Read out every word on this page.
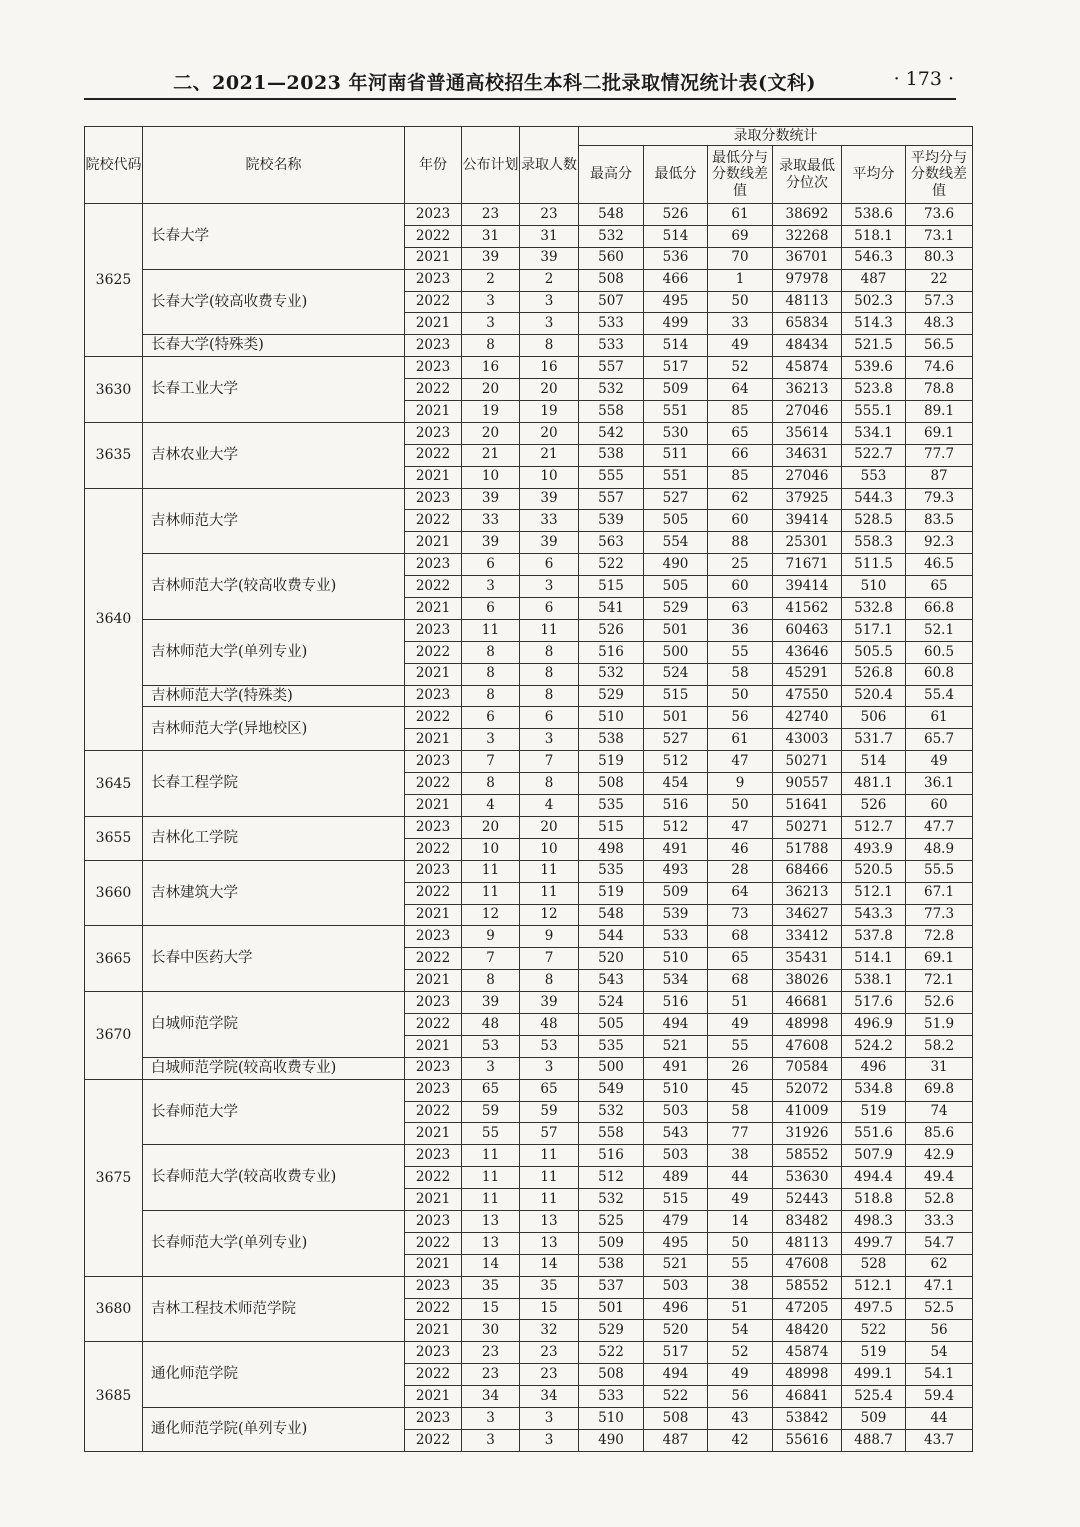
二、2021—2023 年河南省普通高校招生本科二批录取情况统计表(文科)	· 173 ·
院校代码	院校名称	年份	公布计划	录取人数	录取分数统计					
					最高分	最低分	最低分与分数线差值	录取最低分位次	平均分	平均分与分数线差值
3625	长春大学	2023	23	23	548	526	61	38692	538.6	73.6
		2022	31	31	532	514	69	32268	518.1	73.1
		2021	39	39	560	536	70	36701	546.3	80.3
	长春大学(较高收费专业)	2023	2	2	508	466	1	97978	487	22
		2022	3	3	507	495	50	48113	502.3	57.3
		2021	3	3	533	499	33	65834	514.3	48.3
	长春大学(特殊类)	2023	8	8	533	514	49	48434	521.5	56.5
3630	长春工业大学	2023	16	16	557	517	52	45874	539.6	74.6
		2022	20	20	532	509	64	36213	523.8	78.8
		2021	19	19	558	551	85	27046	555.1	89.1
3635	吉林农业大学	2023	20	20	542	530	65	35614	534.1	69.1
		2022	21	21	538	511	66	34631	522.7	77.7
		2021	10	10	555	551	85	27046	553	87
3640	吉林师范大学	2023	39	39	557	527	62	37925	544.3	79.3
		2022	33	33	539	505	60	39414	528.5	83.5
		2021	39	39	563	554	88	25301	558.3	92.3
	吉林师范大学(较高收费专业)	2023	6	6	522	490	25	71671	511.5	46.5
		2022	3	3	515	505	60	39414	510	65
		2021	6	6	541	529	63	41562	532.8	66.8
	吉林师范大学(单列专业)	2023	11	11	526	501	36	60463	517.1	52.1
		2022	8	8	516	500	55	43646	505.5	60.5
		2021	8	8	532	524	58	45291	526.8	60.8
	吉林师范大学(特殊类)	2023	8	8	529	515	50	47550	520.4	55.4
	吉林师范大学(异地校区)	2022	6	6	510	501	56	42740	506	61
		2021	3	3	538	527	61	43003	531.7	65.7
3645	长春工程学院	2023	7	7	519	512	47	50271	514	49
		2022	8	8	508	454	9	90557	481.1	36.1
		2021	4	4	535	516	50	51641	526	60
3655	吉林化工学院	2023	20	20	515	512	47	50271	512.7	47.7
		2022	10	10	498	491	46	51788	493.9	48.9
3660	吉林建筑大学	2023	11	11	535	493	28	68466	520.5	55.5
		2022	11	11	519	509	64	36213	512.1	67.1
		2021	12	12	548	539	73	34627	543.3	77.3
3665	长春中医药大学	2023	9	9	544	533	68	33412	537.8	72.8
		2022	7	7	520	510	65	35431	514.1	69.1
		2021	8	8	543	534	68	38026	538.1	72.1
3670	白城师范学院	2023	39	39	524	516	51	46681	517.6	52.6
		2022	48	48	505	494	49	48998	496.9	51.9
		2021	53	53	535	521	55	47608	524.2	58.2
	白城师范学院(较高收费专业)	2023	3	3	500	491	26	70584	496	31
3675	长春师范大学	2023	65	65	549	510	45	52072	534.8	69.8
		2022	59	59	532	503	58	41009	519	74
		2021	55	57	558	543	77	31926	551.6	85.6
	长春师范大学(较高收费专业)	2023	11	11	516	503	38	58552	507.9	42.9
		2022	11	11	512	489	44	53630	494.4	49.4
		2021	11	11	532	515	49	52443	518.8	52.8
	长春师范大学(单列专业)	2023	13	13	525	479	14	83482	498.3	33.3
		2022	13	13	509	495	50	48113	499.7	54.7
		2021	14	14	538	521	55	47608	528	62
3680	吉林工程技术师范学院	2023	35	35	537	503	38	58552	512.1	47.1
		2022	15	15	501	496	51	47205	497.5	52.5
		2021	30	32	529	520	54	48420	522	56
3685	通化师范学院	2023	23	23	522	517	52	45874	519	54
		2022	23	23	508	494	49	48998	499.1	54.1
		2021	34	34	533	522	56	46841	525.4	59.4
	通化师范学院(单列专业)	2023	3	3	510	508	43	53842	509	44
		2022	3	3	490	487	42	55616	488.7	43.7
